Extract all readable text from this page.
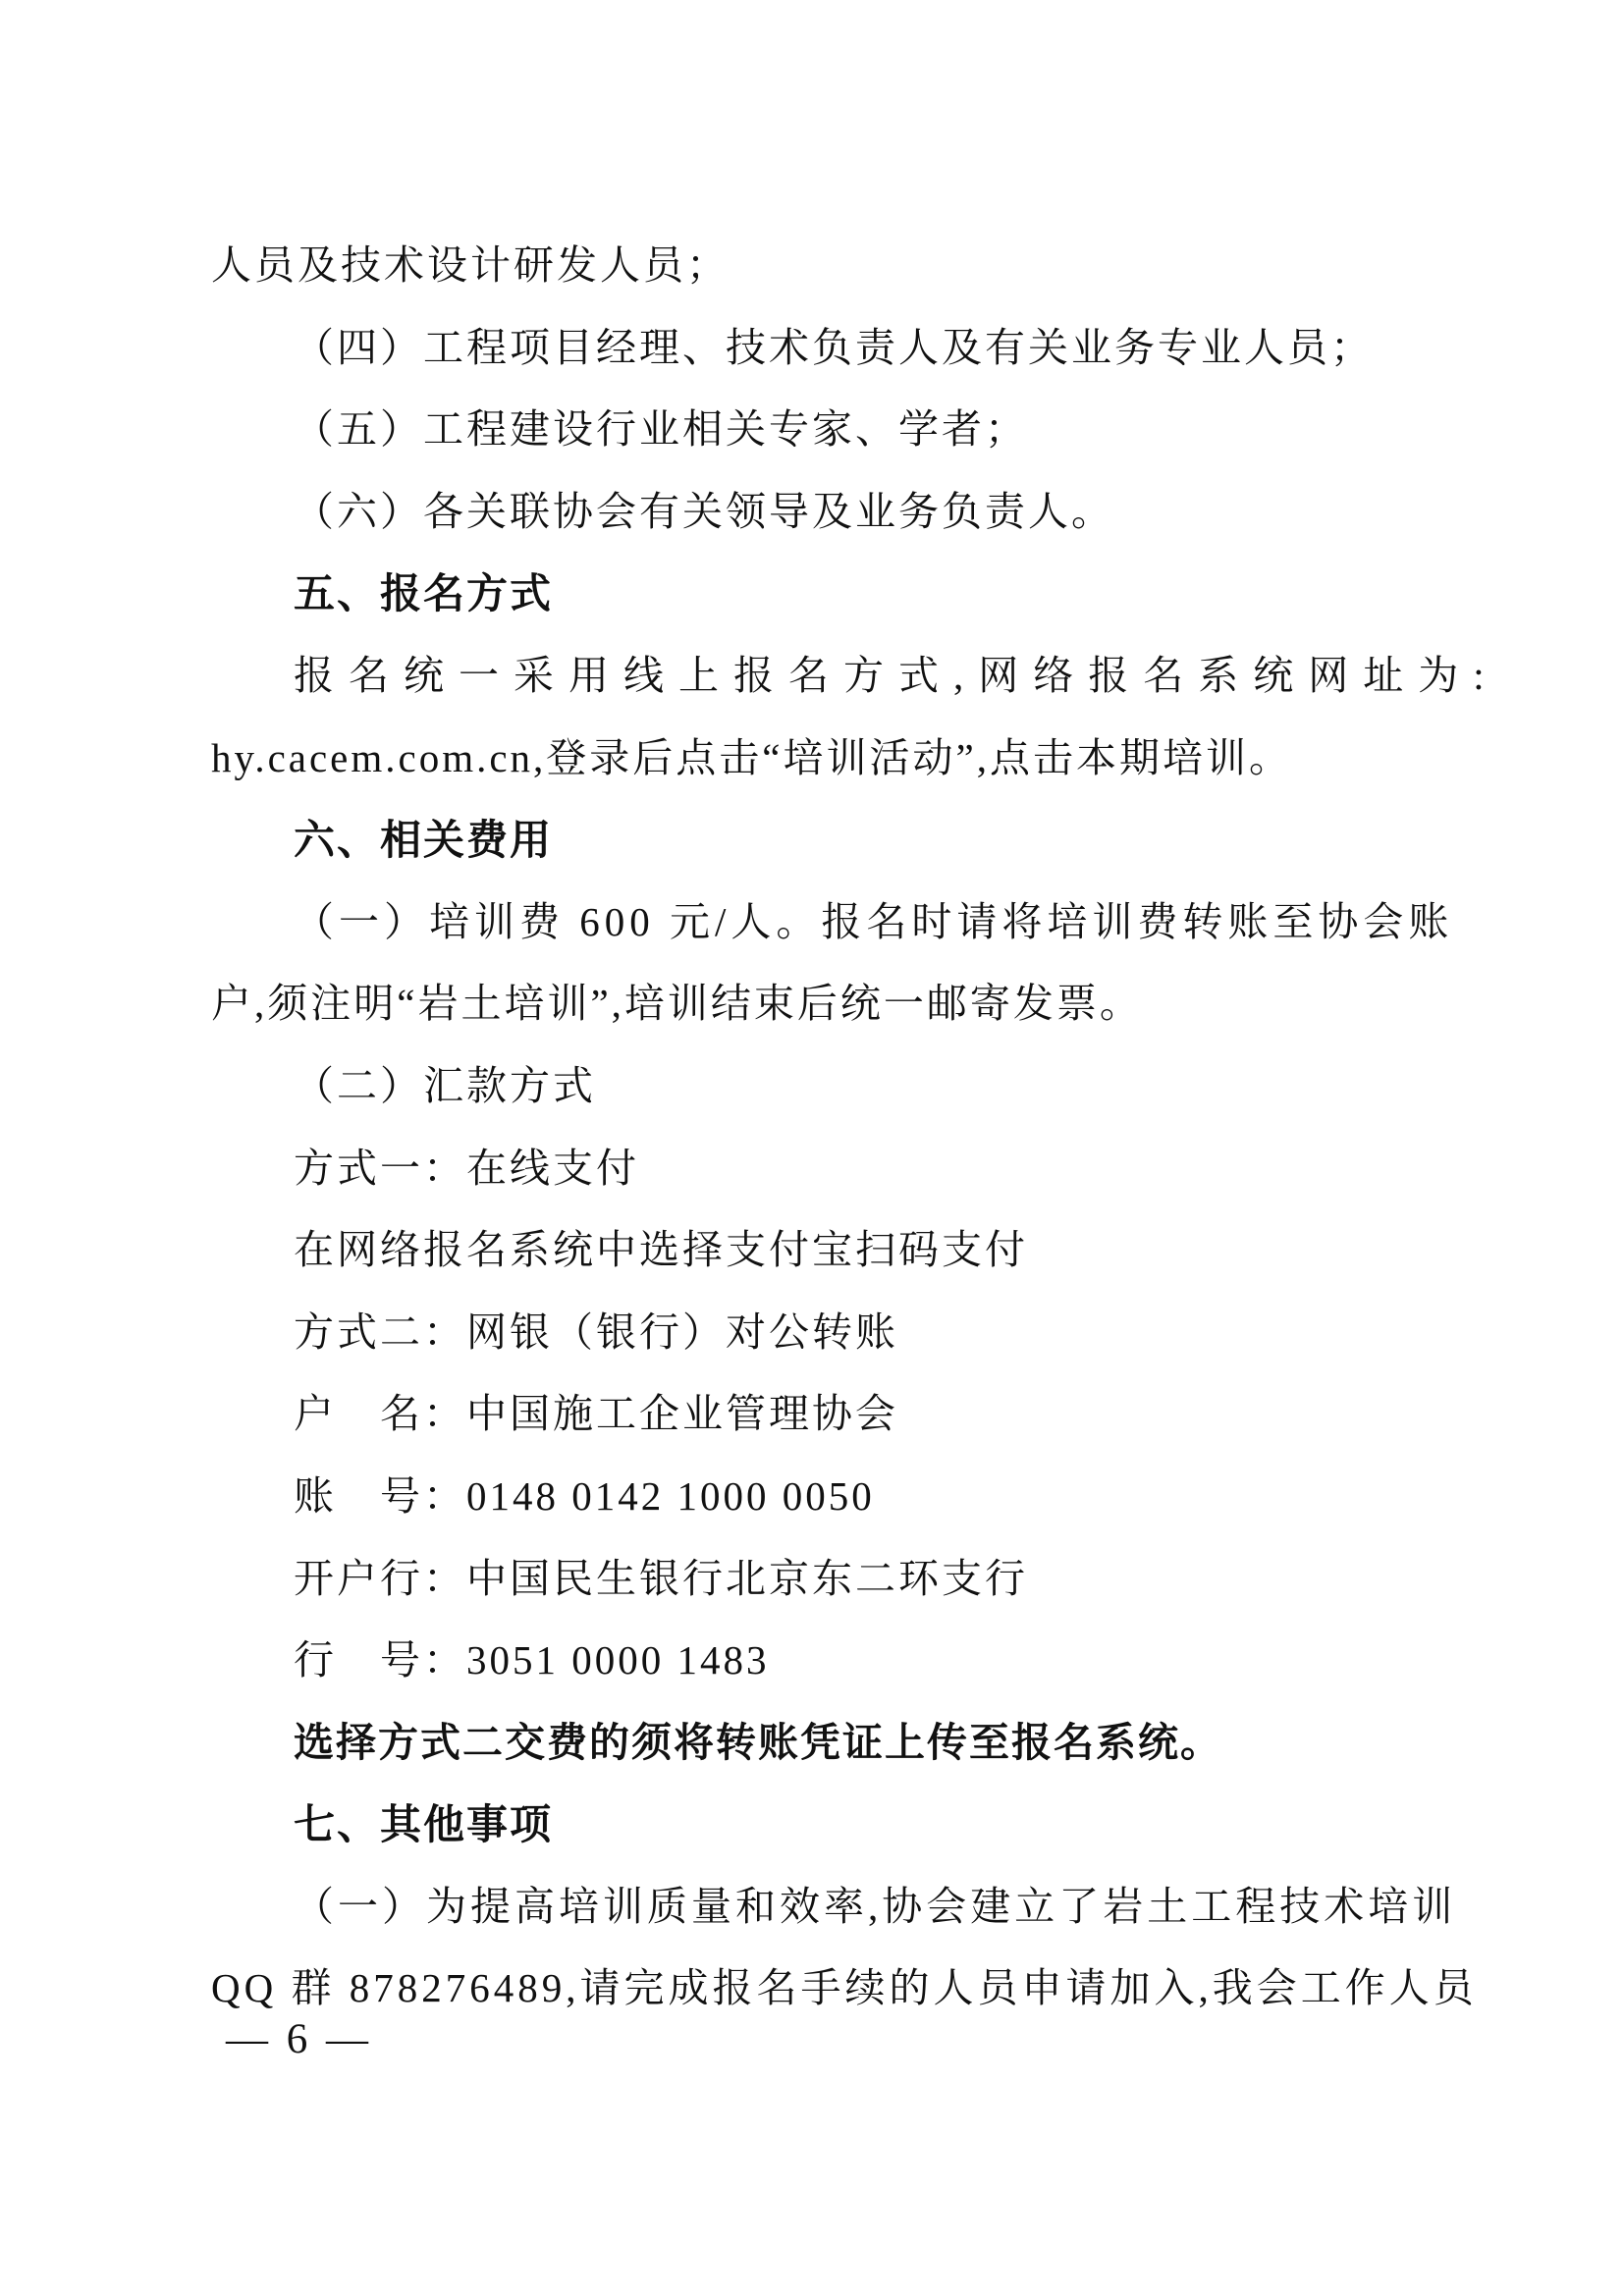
人员及技术设计研发人员；
（四）工程项目经理、技术负责人及有关业务专业人员；
（五）工程建设行业相关专家、学者；
（六）各关联协会有关领导及业务负责人。
五、报名方式
报名统一采用线上报名方式,网络报名系统网址为:
hy.cacem.com.cn,登录后点击“培训活动”,点击本期培训。
六、相关费用
（一）培训费 600 元/人。报名时请将培训费转账至协会账
户,须注明“岩土培训”,培训结束后统一邮寄发票。
（二）汇款方式
方式一：在线支付
在网络报名系统中选择支付宝扫码支付
方式二：网银（银行）对公转账
户　名：中国施工企业管理协会
账　号：0148 0142 1000 0050
开户行：中国民生银行北京东二环支行
行　号：3051 0000 1483
选择方式二交费的须将转账凭证上传至报名系统。
七、其他事项
（一）为提高培训质量和效率,协会建立了岩土工程技术培训
QQ 群 878276489,请完成报名手续的人员申请加入,我会工作人员
— 6 —
